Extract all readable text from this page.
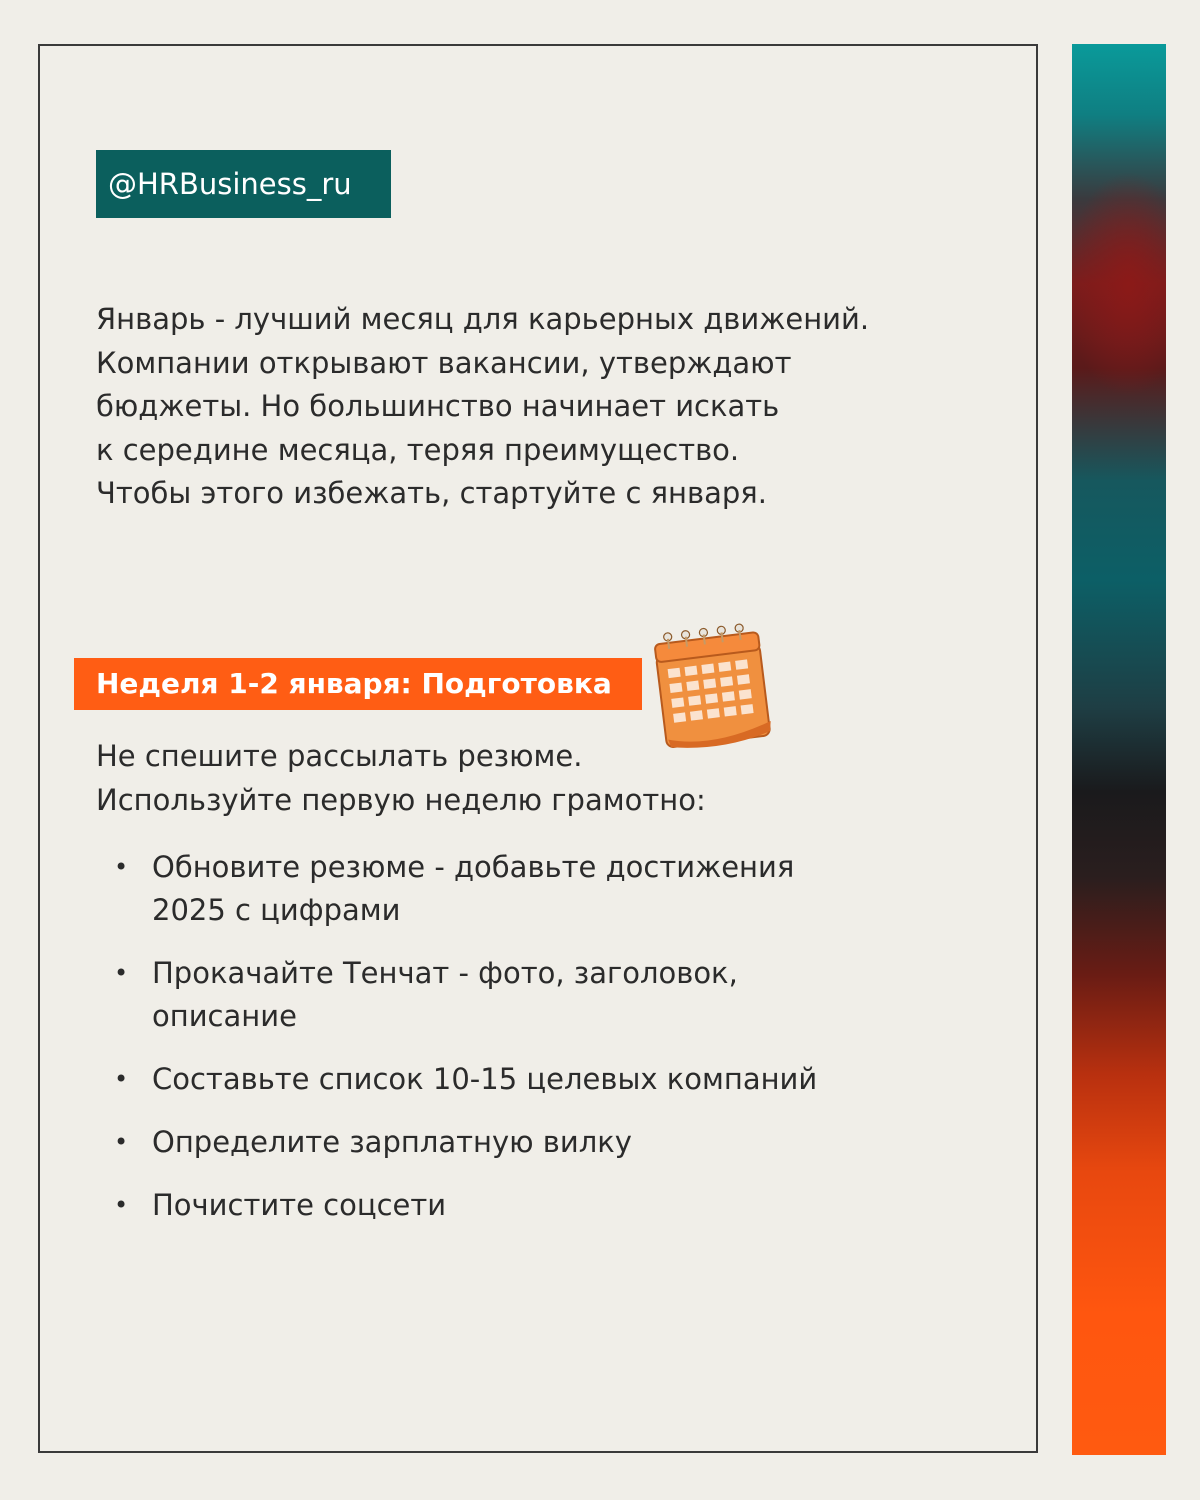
@HRBusiness_ru

Январь - лучший месяц для карьерных движений.
Компании открывают вакансии, утверждают
бюджеты. Но большинство начинает искать
к середине месяца, теряя преимущество.
Чтобы этого избежать, стартуйте с января.

Неделя 1-2 января: Подготовка
Не спешите рассылать резюме.
Используйте первую неделю грамотно:
• Обновите резюме - добавьте достижения
2025 с цифрами
• Прокачайте Тенчат - фото, заголовок,
описание
• Составьте список 10-15 целевых компаний
• Определите зарплатную вилку
• Почистите соцсети
